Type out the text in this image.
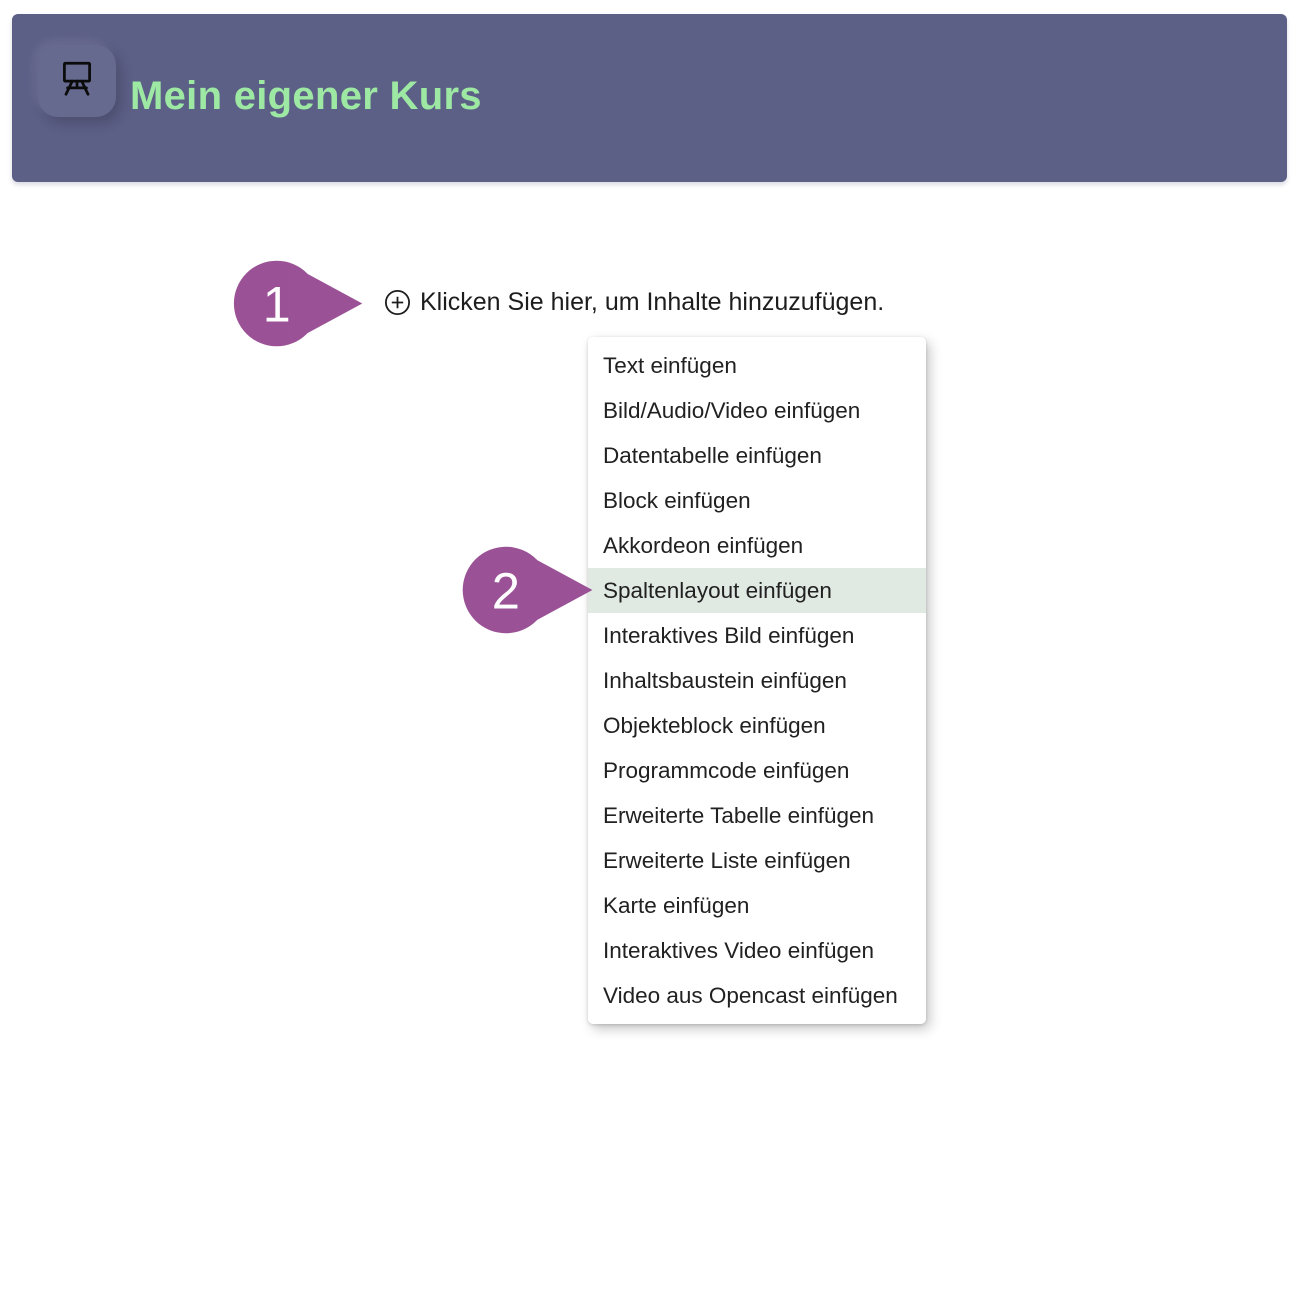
Mein eigener Kurs
1	Klicken Sie hier, um Inhalte hinzuzufügen.
Text einfügen
Bild/Audio/Video einfügen
Datentabelle einfügen
Block einfügen
Akkordeon einfügen
Spaltenlayout einfügen
Interaktives Bild einfügen
Inhaltsbaustein einfügen
Objekteblock einfügen
Programmcode einfügen
Erweiterte Tabelle einfügen
Erweiterte Liste einfügen
Karte einfügen
Interaktives Video einfügen
Video aus Opencast einfügen
2
